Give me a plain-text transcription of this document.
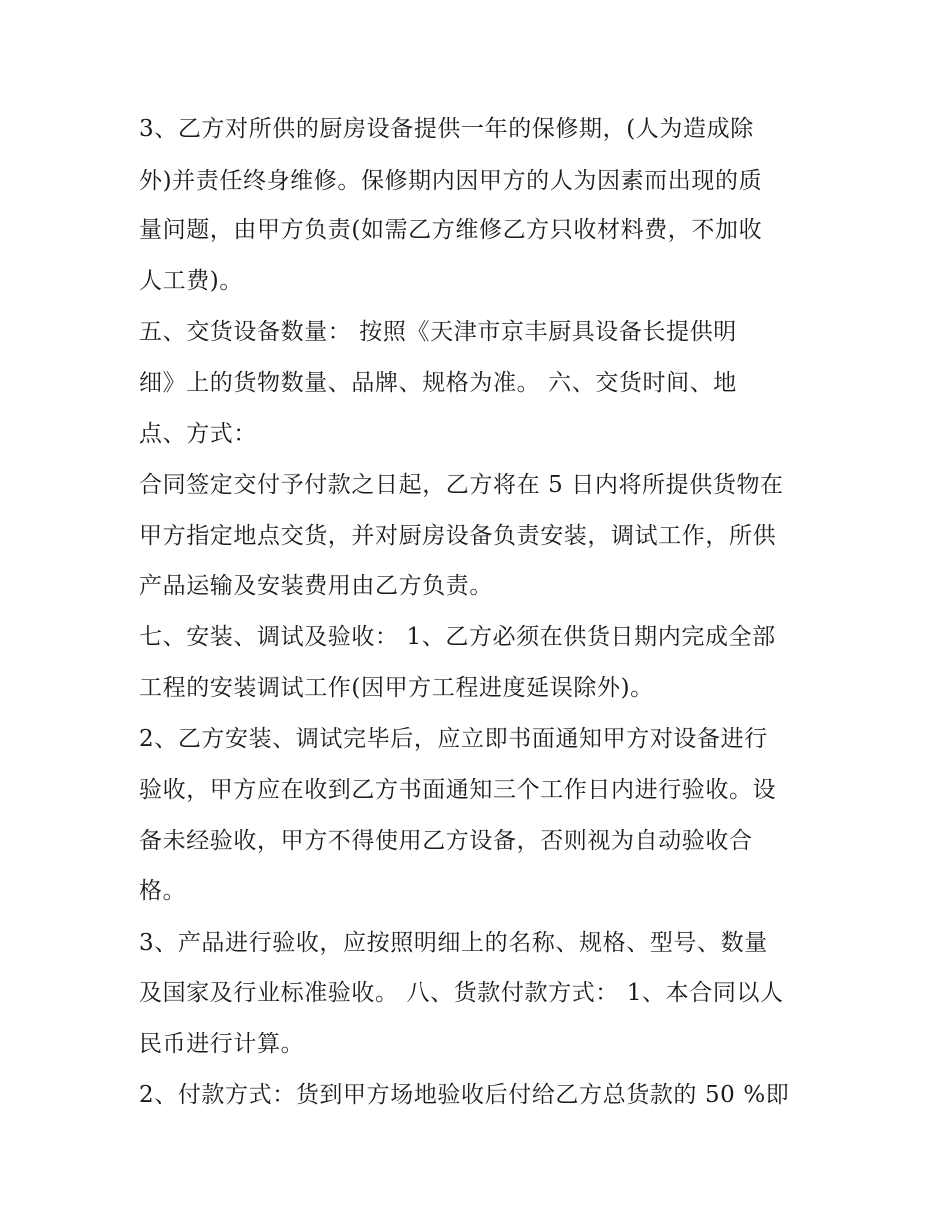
3、乙方对所供的厨房设备提供一年的保修期，(人为造成除
外)并责任终身维修。保修期内因甲方的人为因素而出现的质
量问题，由甲方负责(如需乙方维修乙方只收材料费，不加收
人工费)。
五、交货设备数量： 按照《天津市京丰厨具设备长提供明
细》上的货物数量、品牌、规格为准。 六、交货时间、地
点、方式：
合同签定交付予付款之日起，乙方将在 5 日内将所提供货物在
甲方指定地点交货，并对厨房设备负责安装，调试工作，所供
产品运输及安装费用由乙方负责。
七、安装、调试及验收： 1、乙方必须在供货日期内完成全部
工程的安装调试工作(因甲方工程进度延误除外)。
2、乙方安装、调试完毕后，应立即书面通知甲方对设备进行
验收，甲方应在收到乙方书面通知三个工作日内进行验收。设
备未经验收，甲方不得使用乙方设备，否则视为自动验收合
格。
3、产品进行验收，应按照明细上的名称、规格、型号、数量
及国家及行业标准验收。 八、货款付款方式： 1、本合同以人
民币进行计算。
2、付款方式：货到甲方场地验收后付给乙方总货款的 50 %即
